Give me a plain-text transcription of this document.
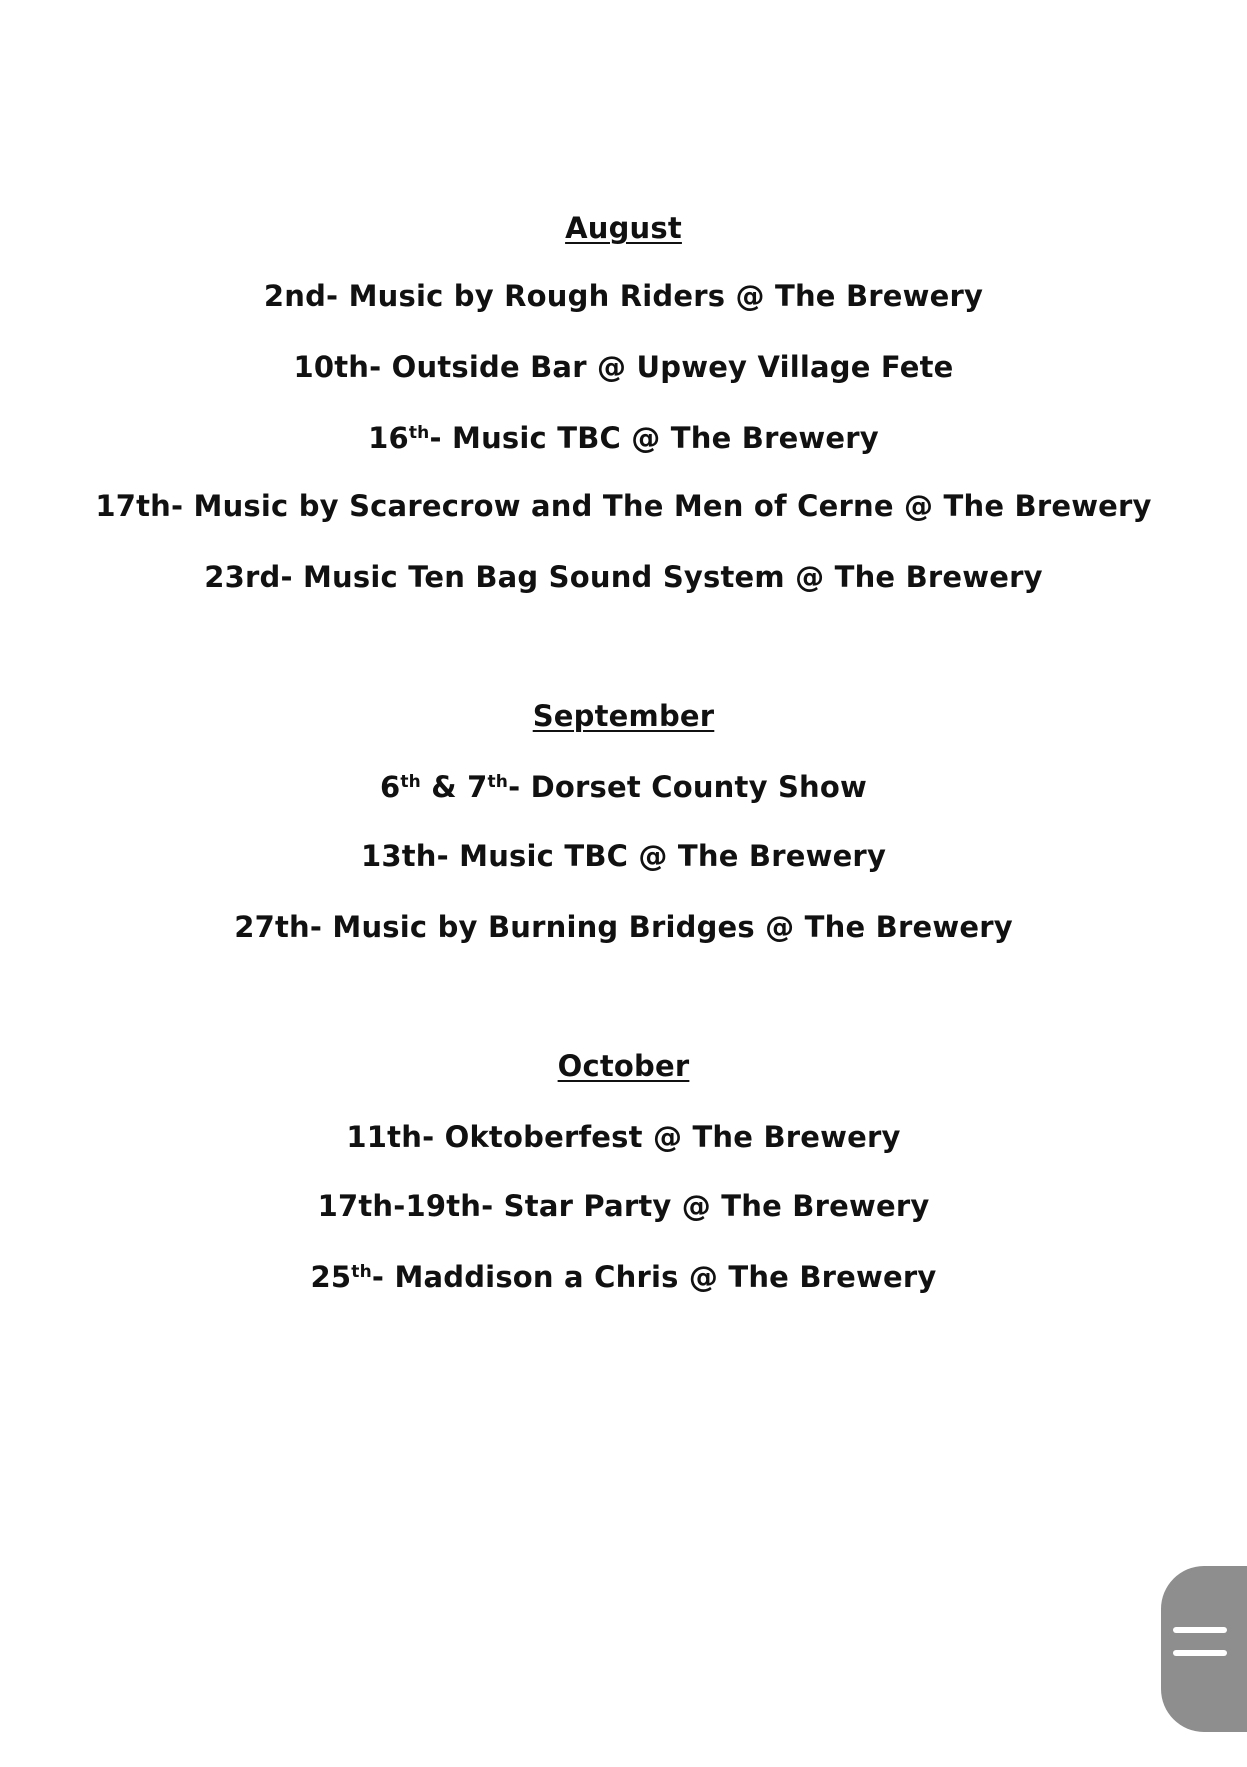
August
2nd- Music by Rough Riders @ The Brewery
10th- Outside Bar @ Upwey Village Fete
16th- Music TBC @ The Brewery
17th- Music by Scarecrow and The Men of Cerne @ The Brewery
23rd- Music Ten Bag Sound System @ The Brewery
September
6th & 7th- Dorset County Show
13th- Music TBC @ The Brewery
27th- Music by Burning Bridges @ The Brewery
October
11th- Oktoberfest @ The Brewery
17th-19th- Star Party @ The Brewery
25th- Maddison a Chris @ The Brewery
